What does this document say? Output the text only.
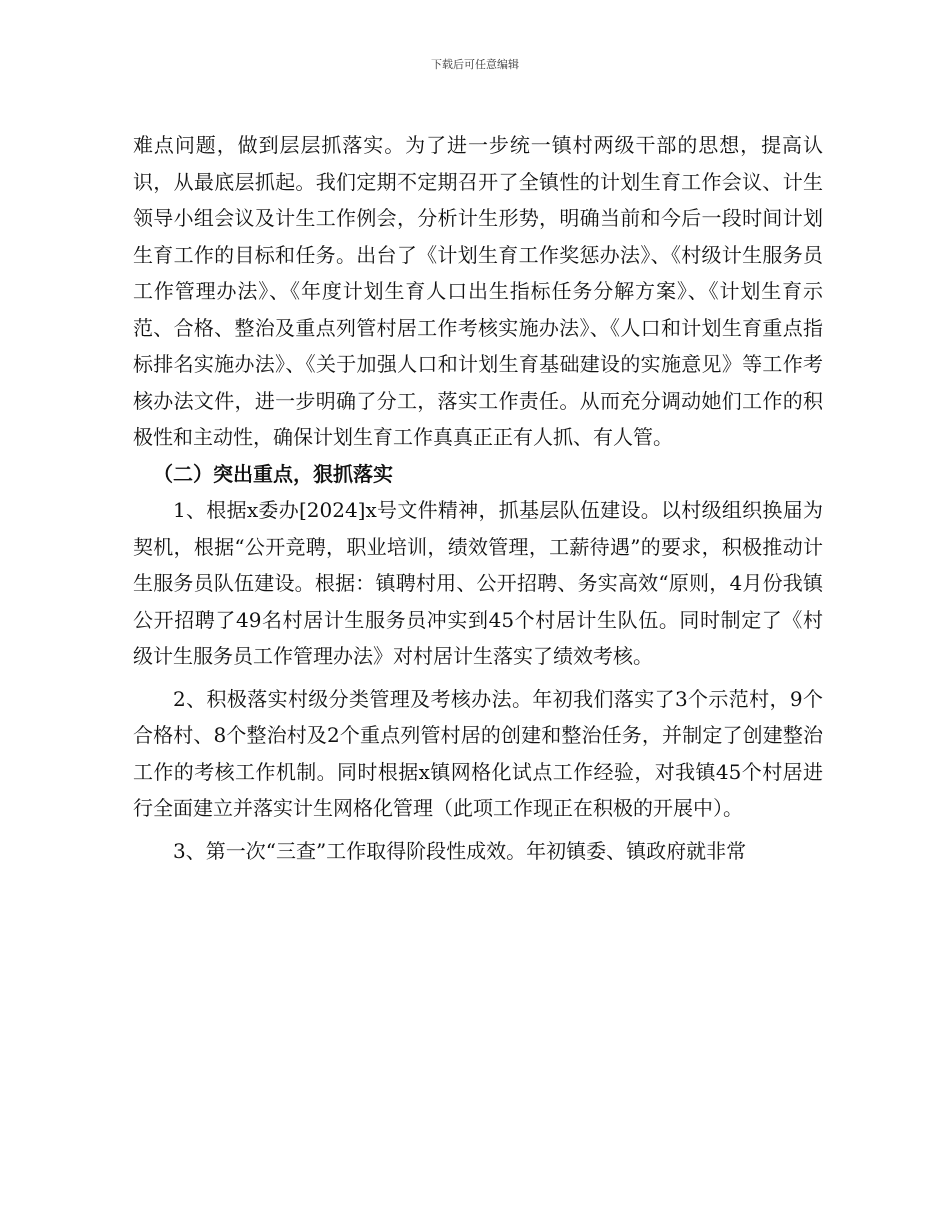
下载后可任意编辑

难点问题，做到层层抓落实。为了进一步统一镇村两级干部的思想，提高认识，从最底层抓起。我们定期不定期召开了全镇性的计划生育工作会议、计生领导小组会议及计生工作例会，分析计生形势，明确当前和今后一段时间计划生育工作的目标和任务。出台了《计划生育工作奖惩办法》、《村级计生服务员工作管理办法》、《年度计划生育人口出生指标任务分解方案》、《计划生育示范、合格、整治及重点列管村居工作考核实施办法》、《人口和计划生育重点指标排名实施办法》、《关于加强人口和计划生育基础建设的实施意见》等工作考核办法文件，进一步明确了分工，落实工作责任。从而充分调动她们工作的积极性和主动性，确保计划生育工作真真正正有人抓、有人管。

（二）突出重点，狠抓落实

1、根据x委办[2024]x号文件精神，抓基层队伍建设。以村级组织换届为契机，根据“公开竞聘，职业培训，绩效管理，工薪待遇”的要求，积极推动计生服务员队伍建设。根据：镇聘村用、公开招聘、务实高效“原则，4月份我镇公开招聘了49名村居计生服务员冲实到45个村居计生队伍。同时制定了《村级计生服务员工作管理办法》对村居计生落实了绩效考核。

2、积极落实村级分类管理及考核办法。年初我们落实了3个示范村，9个合格村、8个整治村及2个重点列管村居的创建和整治任务，并制定了创建整治工作的考核工作机制。同时根据x镇网格化试点工作经验，对我镇45个村居进行全面建立并落实计生网格化管理（此项工作现正在积极的开展中）。

3、第一次“三查”工作取得阶段性成效。年初镇委、镇政府就非常
